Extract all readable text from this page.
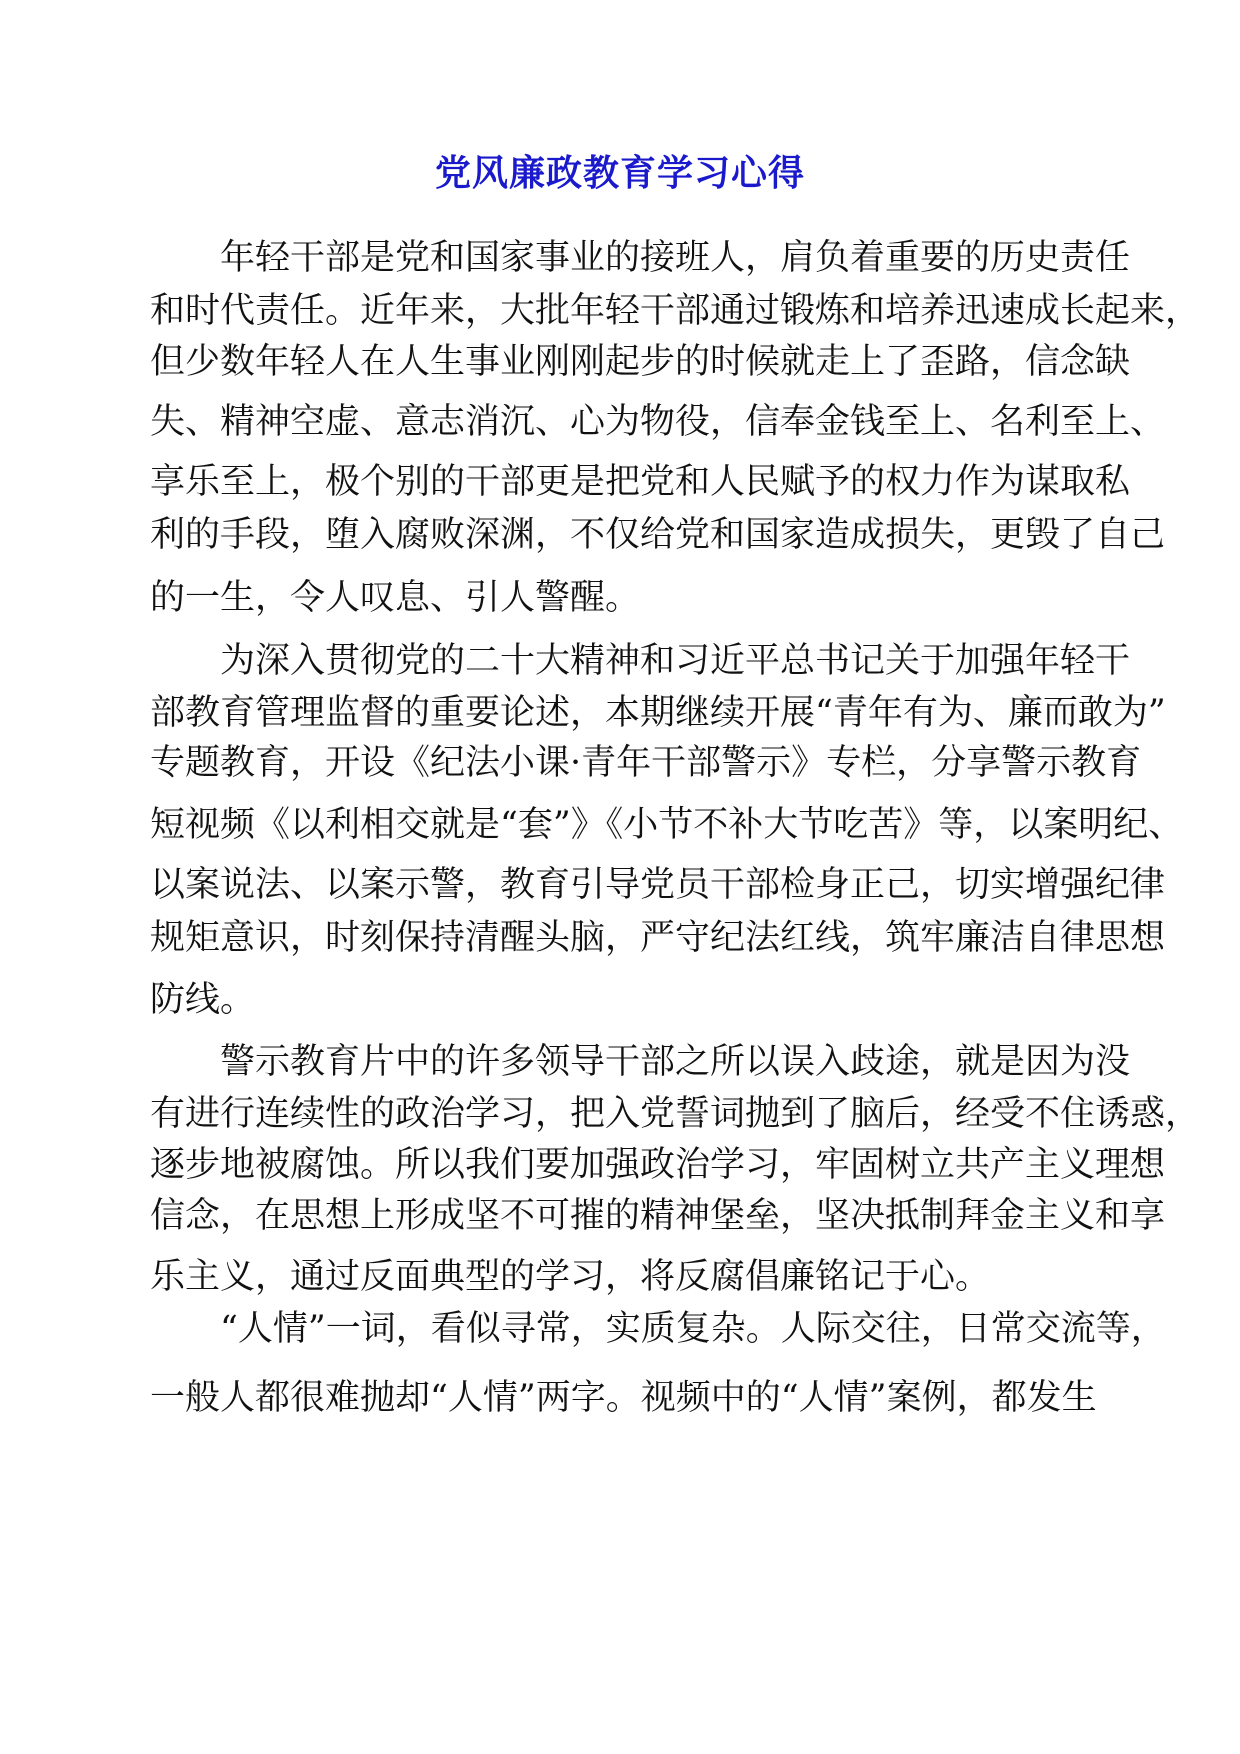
党风廉政教育学习心得
年轻干部是党和国家事业的接班人，肩负着重要的历史责任
和时代责任。近年来，大批年轻干部通过锻炼和培养迅速成长起来，
但少数年轻人在人生事业刚刚起步的时候就走上了歪路，信念缺
失、精神空虚、意志消沉、心为物役，信奉金钱至上、名利至上、
享乐至上，极个别的干部更是把党和人民赋予的权力作为谋取私
利的手段，堕入腐败深渊，不仅给党和国家造成损失，更毁了自己
的一生，令人叹息、引人警醒。
为深入贯彻党的二十大精神和习近平总书记关于加强年轻干
部教育管理监督的重要论述，本期继续开展“青年有为、廉而敢为”
专题教育，开设《纪法小课·青年干部警示》专栏，分享警示教育
短视频《以利相交就是“套”》《小节不补大节吃苦》等，以案明纪、
以案说法、以案示警，教育引导党员干部检身正己，切实增强纪律
规矩意识，时刻保持清醒头脑，严守纪法红线，筑牢廉洁自律思想
防线。
警示教育片中的许多领导干部之所以误入歧途，就是因为没
有进行连续性的政治学习，把入党誓词抛到了脑后，经受不住诱惑，
逐步地被腐蚀。所以我们要加强政治学习，牢固树立共产主义理想
信念，在思想上形成坚不可摧的精神堡垒，坚决抵制拜金主义和享
乐主义，通过反面典型的学习，将反腐倡廉铭记于心。
“人情”一词，看似寻常，实质复杂。人际交往，日常交流等，
一般人都很难抛却“人情”两字。视频中的“人情”案例，都发生
